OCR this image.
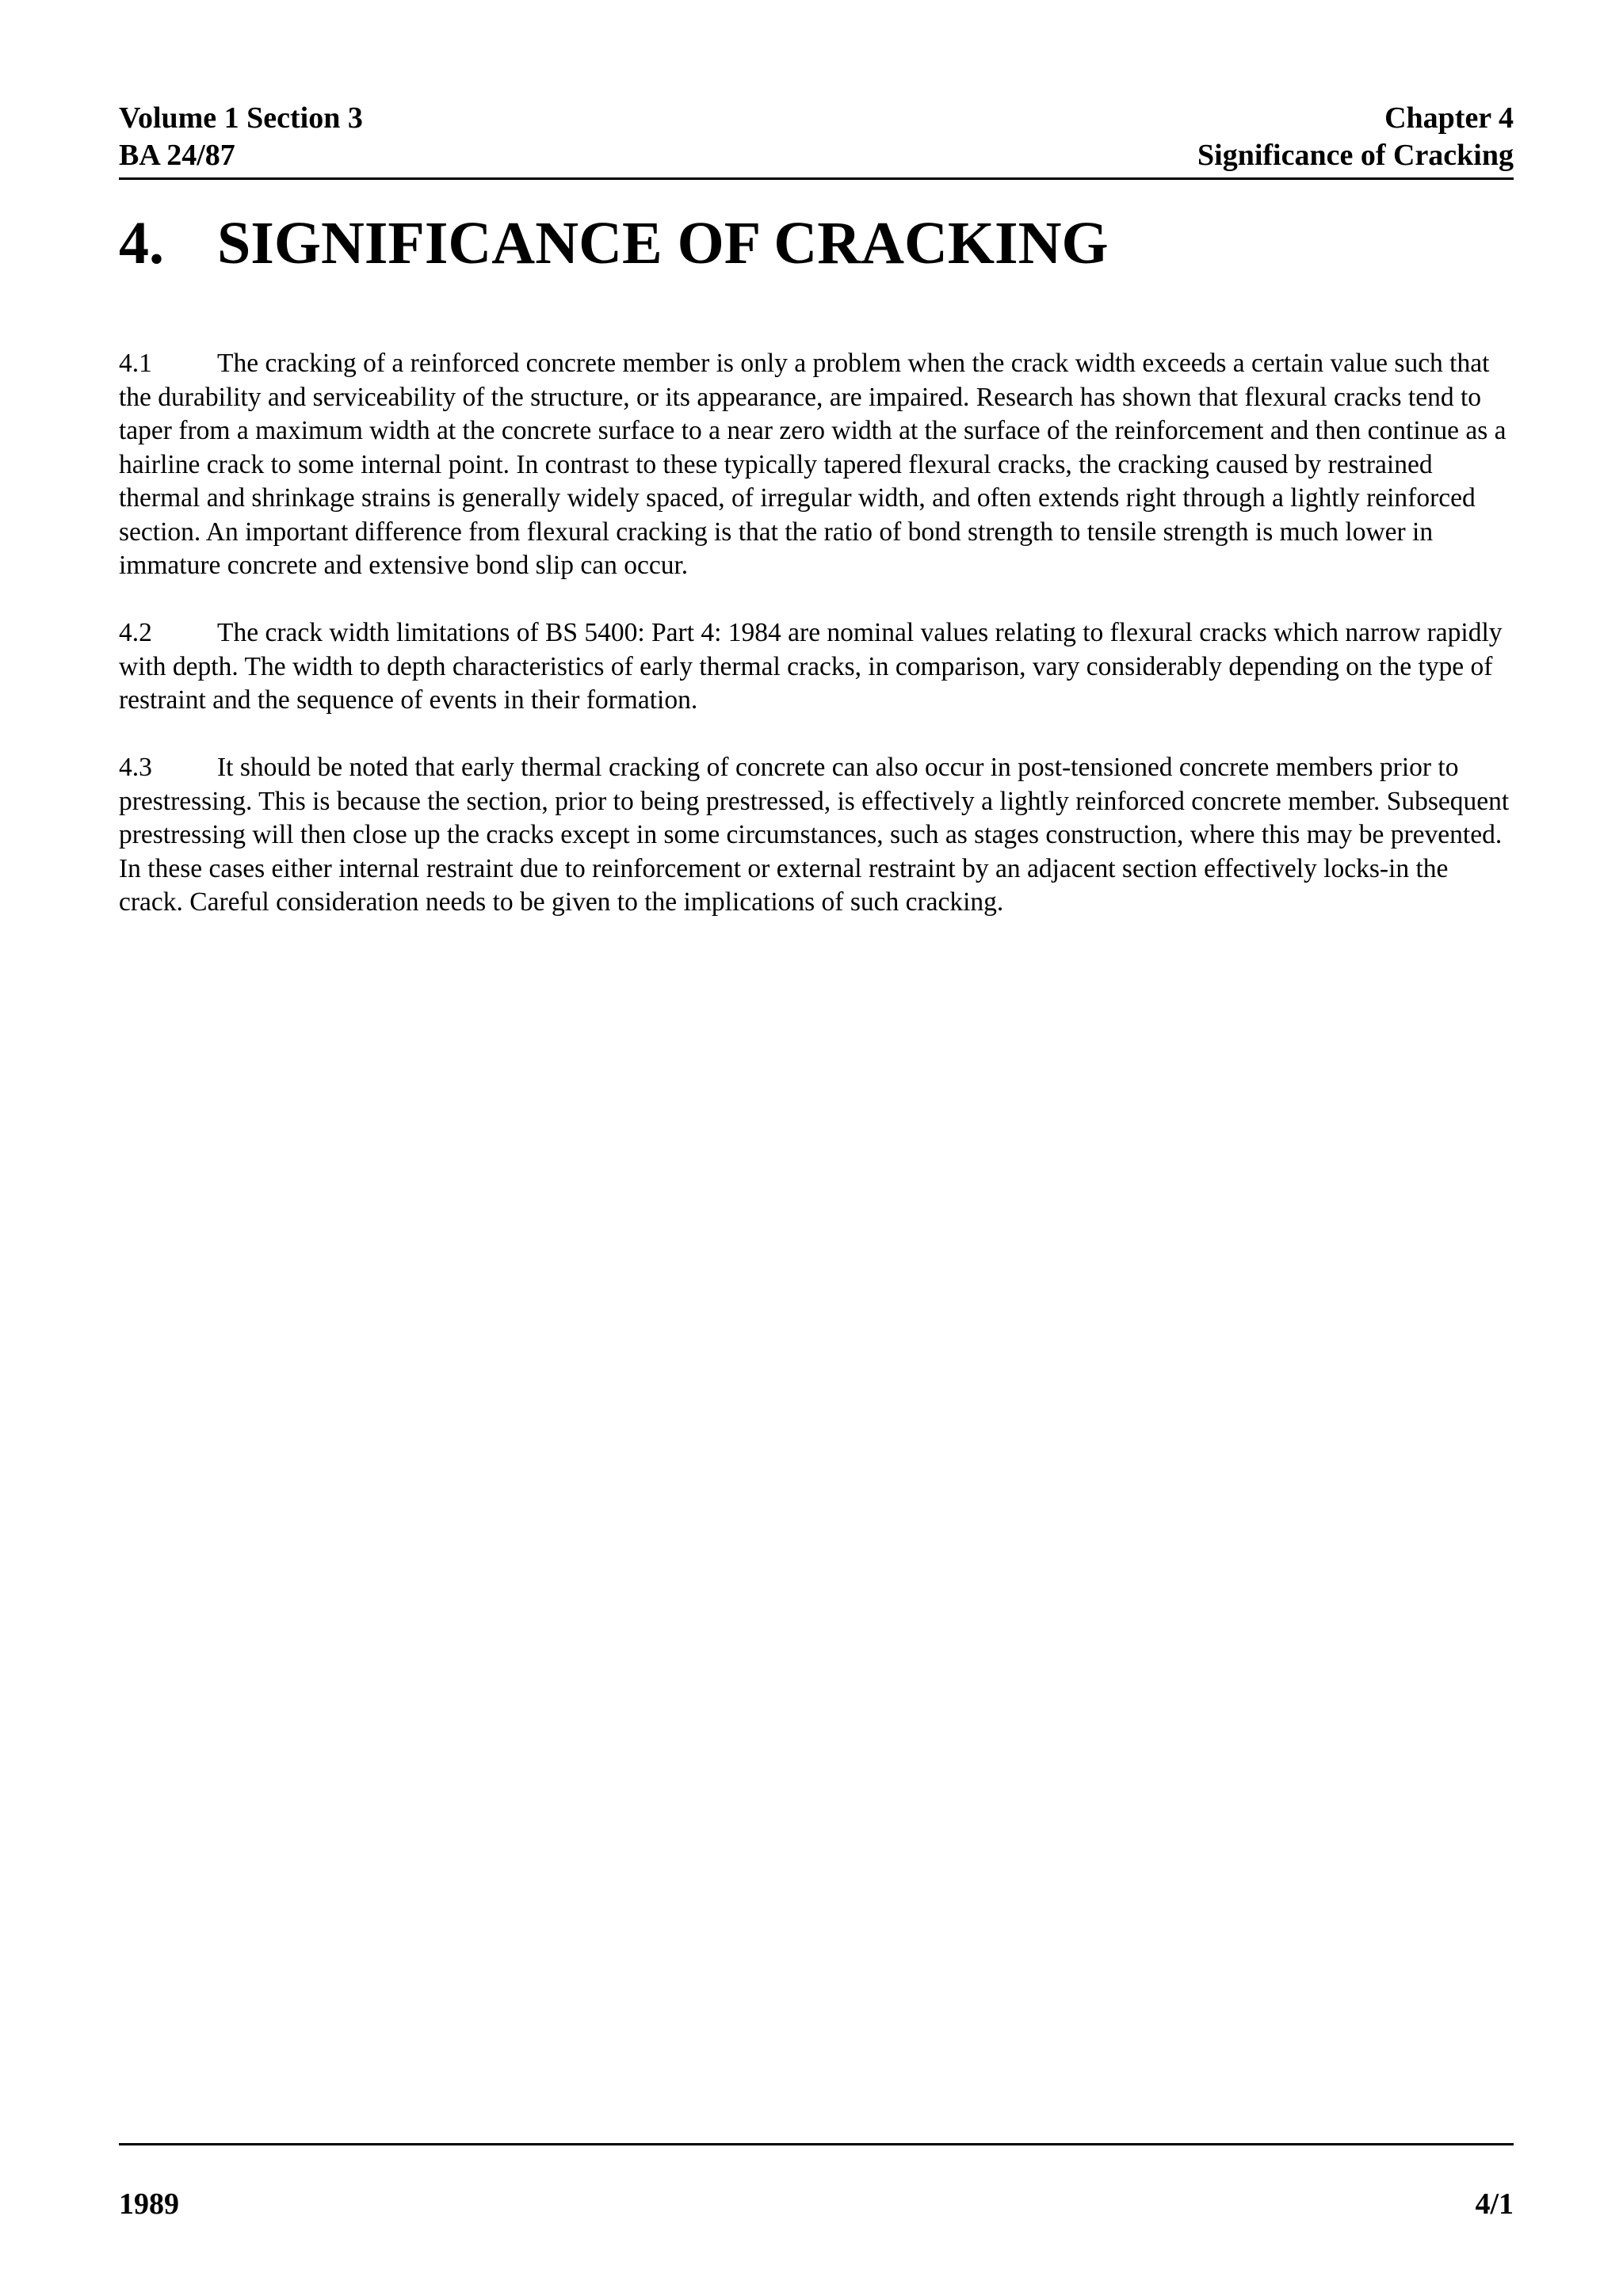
Volume 1 Section 3
BA 24/87
Chapter 4
Significance of Cracking
4. SIGNIFICANCE OF CRACKING

4.1 The cracking of a reinforced concrete member is only a problem when the crack width exceeds a certain value such that the durability and serviceability of the structure, or its appearance, are impaired. Research has shown that flexural cracks tend to taper from a maximum width at the concrete surface to a near zero width at the surface of the reinforcement and then continue as a hairline crack to some internal point. In contrast to these typically tapered flexural cracks, the cracking caused by restrained thermal and shrinkage strains is generally widely spaced, of irregular width, and often extends right through a lightly reinforced section. An important difference from flexural cracking is that the ratio of bond strength to tensile strength is much lower in immature concrete and extensive bond slip can occur.

4.2 The crack width limitations of BS 5400: Part 4: 1984 are nominal values relating to flexural cracks which narrow rapidly with depth. The width to depth characteristics of early thermal cracks, in comparison, vary considerably depending on the type of restraint and the sequence of events in their formation.

4.3 It should be noted that early thermal cracking of concrete can also occur in post-tensioned concrete members prior to prestressing. This is because the section, prior to being prestressed, is effectively a lightly reinforced concrete member. Subsequent prestressing will then close up the cracks except in some circumstances, such as stages construction, where this may be prevented. In these cases either internal restraint due to reinforcement or external restraint by an adjacent section effectively locks-in the crack. Careful consideration needs to be given to the implications of such cracking.

1989	4/1
